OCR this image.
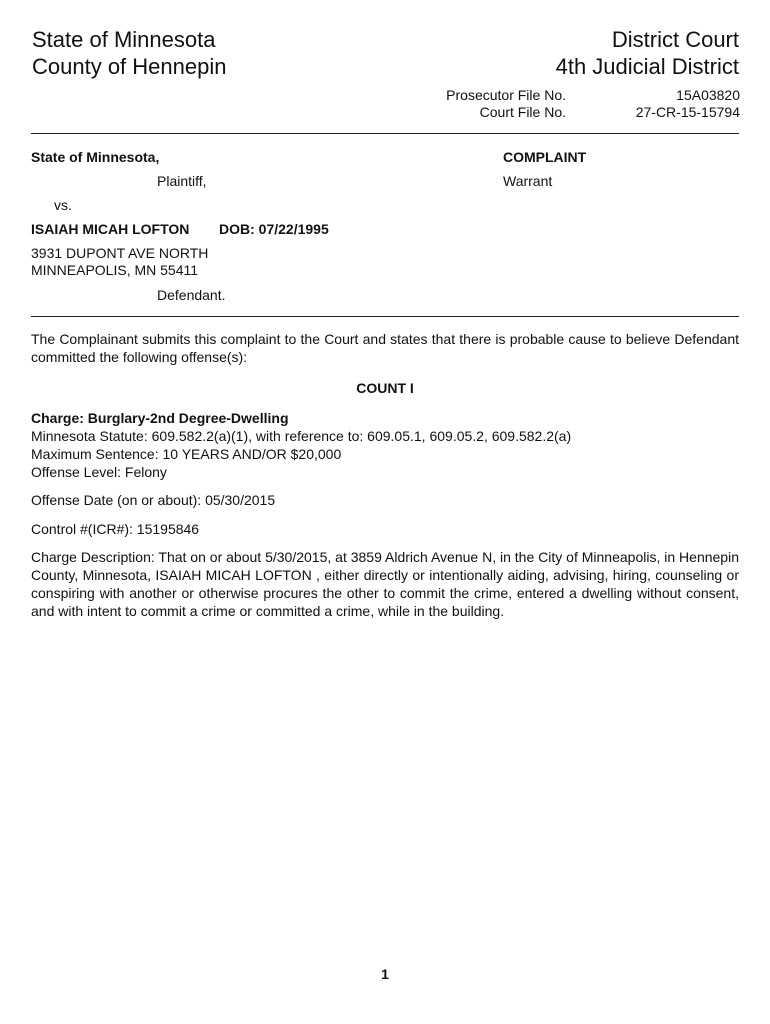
State of Minnesota
County of Hennepin
District Court
4th Judicial District
Prosecutor File No.	15A03820
Court File No.	27-CR-15-15794
State of Minnesota,	COMPLAINT
Plaintiff,	Warrant
vs.
ISAIAH MICAH LOFTON DOB: 07/22/1995
3931 DUPONT AVE NORTH
MINNEAPOLIS, MN 55411
Defendant.
The Complainant submits this complaint to the Court and states that there is probable cause to believe Defendant committed the following offense(s):
COUNT I
Charge: Burglary-2nd Degree-Dwelling
Minnesota Statute: 609.582.2(a)(1), with reference to: 609.05.1, 609.05.2, 609.582.2(a)
Maximum Sentence: 10 YEARS AND/OR $20,000
Offense Level: Felony
Offense Date (on or about): 05/30/2015
Control #(ICR#): 15195846
Charge Description: That on or about 5/30/2015, at 3859 Aldrich Avenue N, in the City of Minneapolis, in Hennepin County, Minnesota, ISAIAH MICAH LOFTON , either directly or intentionally aiding, advising, hiring, counseling or conspiring with another or otherwise procures the other to commit the crime, entered a dwelling without consent, and with intent to commit a crime or committed a crime, while in the building.
1
